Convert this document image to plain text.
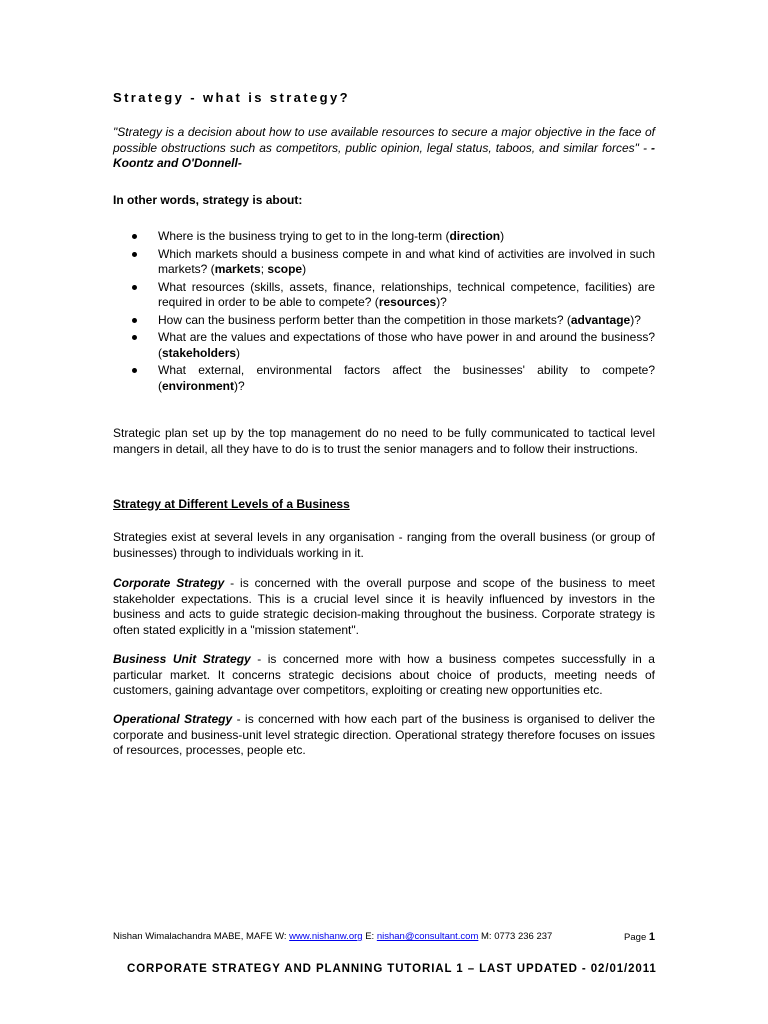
Strategy - what is strategy?
"Strategy is a decision about how to use available resources to secure a major objective in the face of possible obstructions such as competitors, public opinion, legal status, taboos, and similar forces" - -Koontz and O'Donnell-
In other words, strategy is about:
Where is the business trying to get to in the long-term (direction)
Which markets should a business compete in and what kind of activities are involved in such markets? (markets; scope)
What resources (skills, assets, finance, relationships, technical competence, facilities) are required in order to be able to compete? (resources)?
How can the business perform better than the competition in those markets? (advantage)?
What are the values and expectations of those who have power in and around the business? (stakeholders)
What external, environmental factors affect the businesses' ability to compete? (environment)?
Strategic plan set up by the top management do no need to be fully communicated to tactical level mangers in detail, all they have to do is to trust the senior managers and to follow their instructions.
Strategy at Different Levels of a Business
Strategies exist at several levels in any organisation - ranging from the overall business (or group of businesses) through to individuals working in it.
Corporate Strategy - is concerned with the overall purpose and scope of the business to meet stakeholder expectations. This is a crucial level since it is heavily influenced by investors in the business and acts to guide strategic decision-making throughout the business. Corporate strategy is often stated explicitly in a "mission statement".
Business Unit Strategy - is concerned more with how a business competes successfully in a particular market. It concerns strategic decisions about choice of products, meeting needs of customers, gaining advantage over competitors, exploiting or creating new opportunities etc.
Operational Strategy - is concerned with how each part of the business is organised to deliver the corporate and business-unit level strategic direction. Operational strategy therefore focuses on issues of resources, processes, people etc.
Nishan Wimalachandra MABE, MAFE W: www.nishanw.org E: nishan@consultant.com M: 0773 236 237	Page 1
CORPORATE STRATEGY AND PLANNING TUTORIAL 1 – LAST UPDATED - 02/01/2011
